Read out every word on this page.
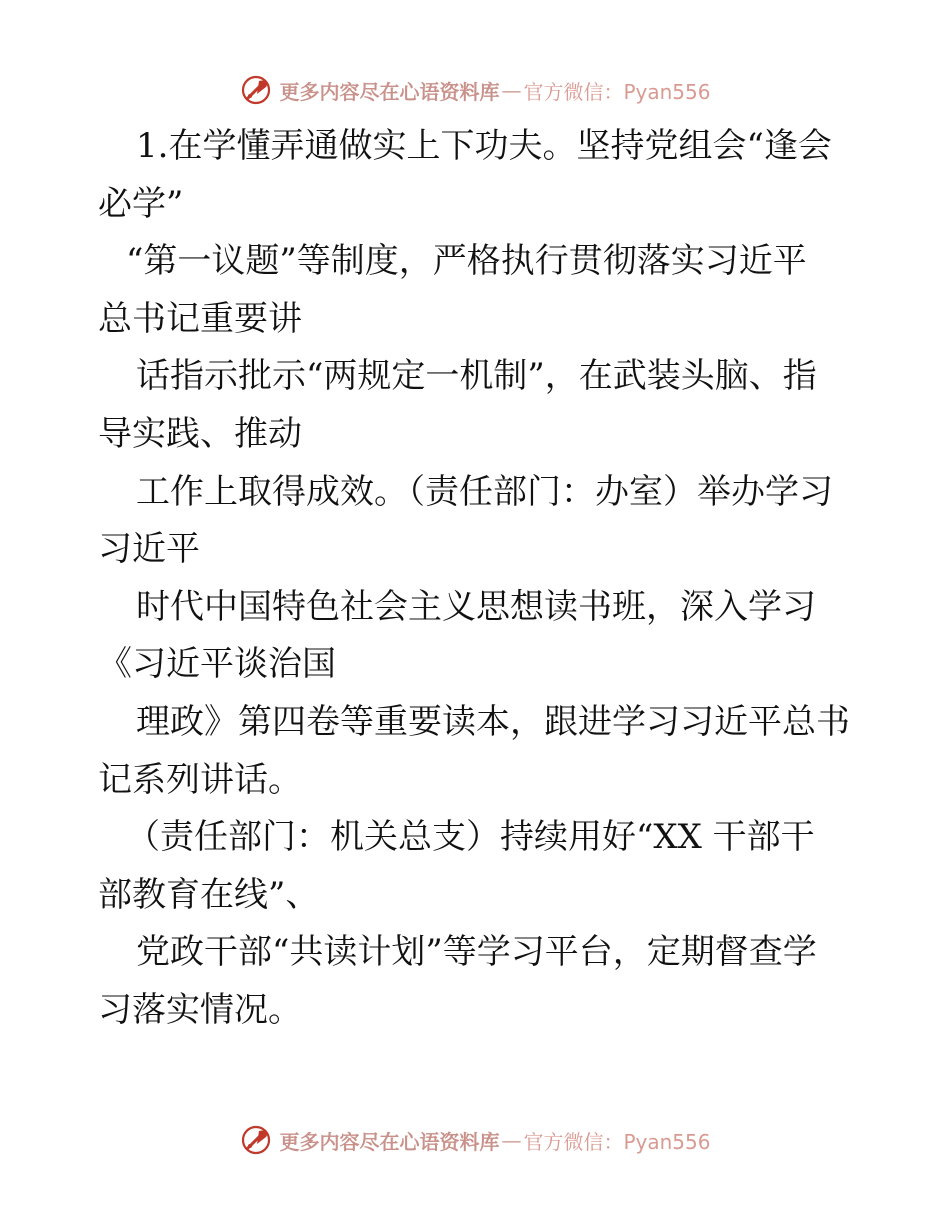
更多内容尽在心语资料库 — 官方微信：Pyan556
1.在学懂弄通做实上下功夫。坚持党组会“逢会
必学”
“第一议题”等制度，严格执行贯彻落实习近平
总书记重要讲
话指示批示“两规定一机制”，在武装头脑、指
导实践、推动
工作上取得成效。（责任部门：办室）举办学习
习近平
时代中国特色社会主义思想读书班，深入学习
《习近平谈治国
理政》第四卷等重要读本，跟进学习习近平总书
记系列讲话。
（责任部门：机关总支）持续用好“XX 干部干
部教育在线”、
党政干部“共读计划”等学习平台，定期督查学
习落实情况。
更多内容尽在心语资料库 — 官方微信：Pyan556
